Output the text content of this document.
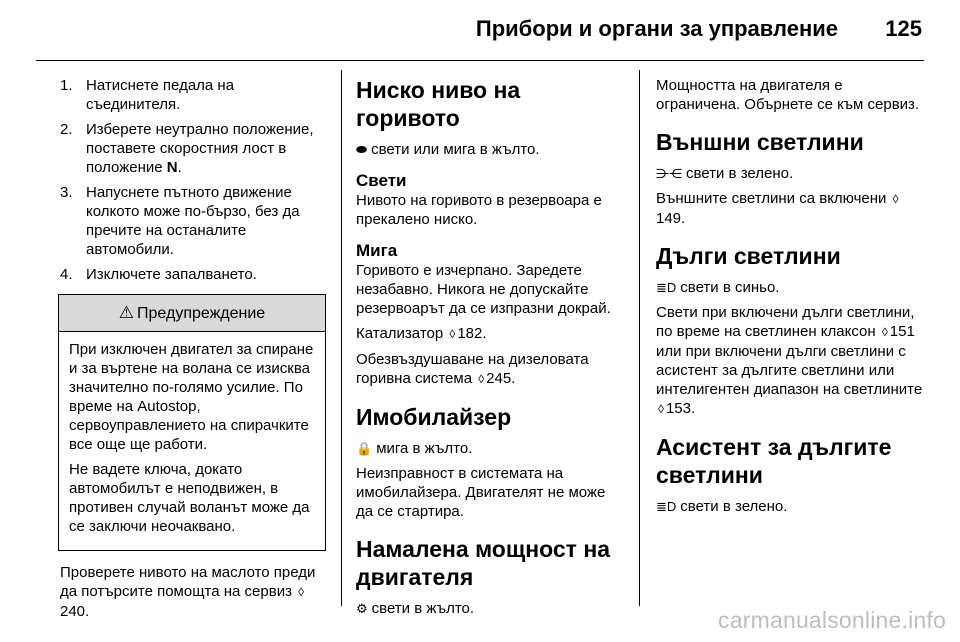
Прибори и органи за управление 125
1. Натиснете педала на съединителя.
2. Изберете неутрално положение, поставете скоростния лост в положение N.
3. Напуснете пътното движение колкото може по-бързо, без да пречите на останалите автомобили.
4. Изключете запалването.
⚠ Предупреждение

При изключен двигател за спиране и за въртене на волана се изисква значително по-голямо усилие. По време на Autostop, сервоуправлението на спирачките все още ще работи.

Не вадете ключа, докато автомобилът е неподвижен, в противен случай воланът може да се заключи неочаквано.

Проверете нивото на маслото преди да потърсите помощта на сервиз ◊240.

Ниско ниво на горивото

⬬ свети или мига в жълто.

Свети

Нивото на горивото в резервоара е прекалено ниско.

Мига

Горивото е изчерпано. Заредете незабавно. Никога не допускайте резервоарът да се изпразни докрай.

Катализатор ◊ 182.

Обезвъздушаване на дизеловата горивна система ◊ 245.

Имобилайзер

🔒 мига в жълто.

Неизправност в системата на имобилайзера. Двигателят не може да се стартира.

Намалена мощност на двигателя

⚙ свети в жълто.

Мощността на двигателя е ограничена. Обърнете се към сервиз.

Външни светлини

⋺⋲ свети в зелено.

Външните светлини са включени ◊149.

Дълги светлини

≣D свети в синьо.

Свети при включени дълги светлини, по време на светлинен клаксон ◊ 151 или при включени дълги светлини с асистент за дългите светлини или интелигентен диапазон на светлините ◊ 153.

Асистент за дългите светлини

≣D свети в зелено.

carmanualsonline.info
